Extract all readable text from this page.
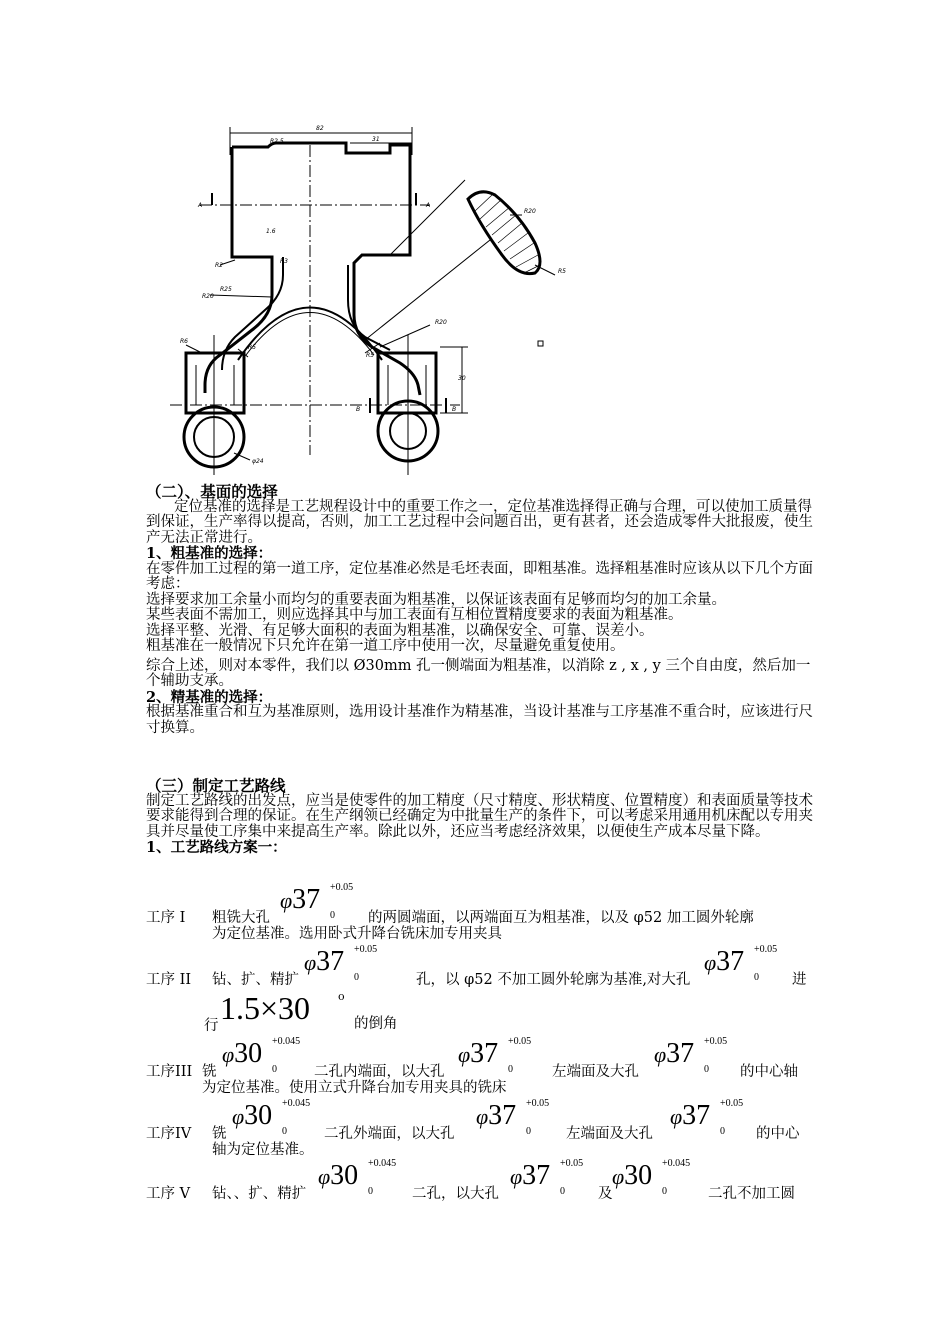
82
31
R2.5
1.6
R2
R3
R25
R20
R6
R5
R20
R5
R20
R5
30
φ24
A	A
B	B
（二）、基面的选择
定位基准的选择是工艺规程设计中的重要工作之一，定位基准选择得正确与合理，可以使加工质量得到保证，生产率得以提高，否则，加工工艺过程中会问题百出，更有甚者，还会造成零件大批报废，使生产无法正常进行。
1、粗基准的选择：
在零件加工过程的第一道工序，定位基准必然是毛坯表面，即粗基准。选择粗基准时应该从以下几个方面考虑：
选择要求加工余量小而均匀的重要表面为粗基准，以保证该表面有足够而均匀的加工余量。
某些表面不需加工，则应选择其中与加工表面有互相位置精度要求的表面为粗基准。
选择平整、光滑、有足够大面积的表面为粗基准，以确保安全、可靠、误差小。
粗基准在一般情况下只允许在第一道工序中使用一次，尽量避免重复使用。
综合上述，则对本零件，我们以 Ø30mm 孔一侧端面为粗基准，以消除 z , x , y 三个自由度，然后加一个辅助支承。
2、精基准的选择：
根据基准重合和互为基准原则，选用设计基准作为精基准，当设计基准与工序基准不重合时，应该进行尺寸换算。
（三）制定工艺路线
制定工艺路线的出发点，应当是使零件的加工精度（尺寸精度、形状精度、位置精度）和表面质量等技术要求能得到合理的保证。在生产纲领已经确定为中批量生产的条件下，可以考虑采用通用机床配以专用夹具并尽量使工序集中来提高生产率。除此以外，还应当考虑经济效果，以便使生产成本尽量下降。
1、工艺路线方案一：
工序 I 粗铣大孔
φ37 +0.05
0 的两圆端面，以两端面互为粗基准，以及 φ52 加工圆外轮廓
为定位基准。选用卧式升降台铣床加专用夹具
工序 II 钻、扩、精扩
φ37 +0.05
0	孔，以 φ52 不加工圆外轮廓为基准,对大孔
φ37 +0.05
0 进
行 1.5×30	o
的倒角
工序III 铣
φ30 +0.045
0	二孔内端面，以大孔
φ37 +0.05
0	左端面及大孔
φ37 +0.05
0 的中心轴
为定位基准。使用立式升降台加专用夹具的铣床
工序IV 铣
φ30 +0.045
0	二孔外端面，以大孔
φ37 +0.05
0 左端面及大孔
φ37 +0.05
0 的中心
轴为定位基准。
工序 V 钻、、扩、精扩
φ30 +0.045
0	二孔，以大孔
φ37 +0.05
0 及
φ30 +0.045
0	二孔不加工圆
